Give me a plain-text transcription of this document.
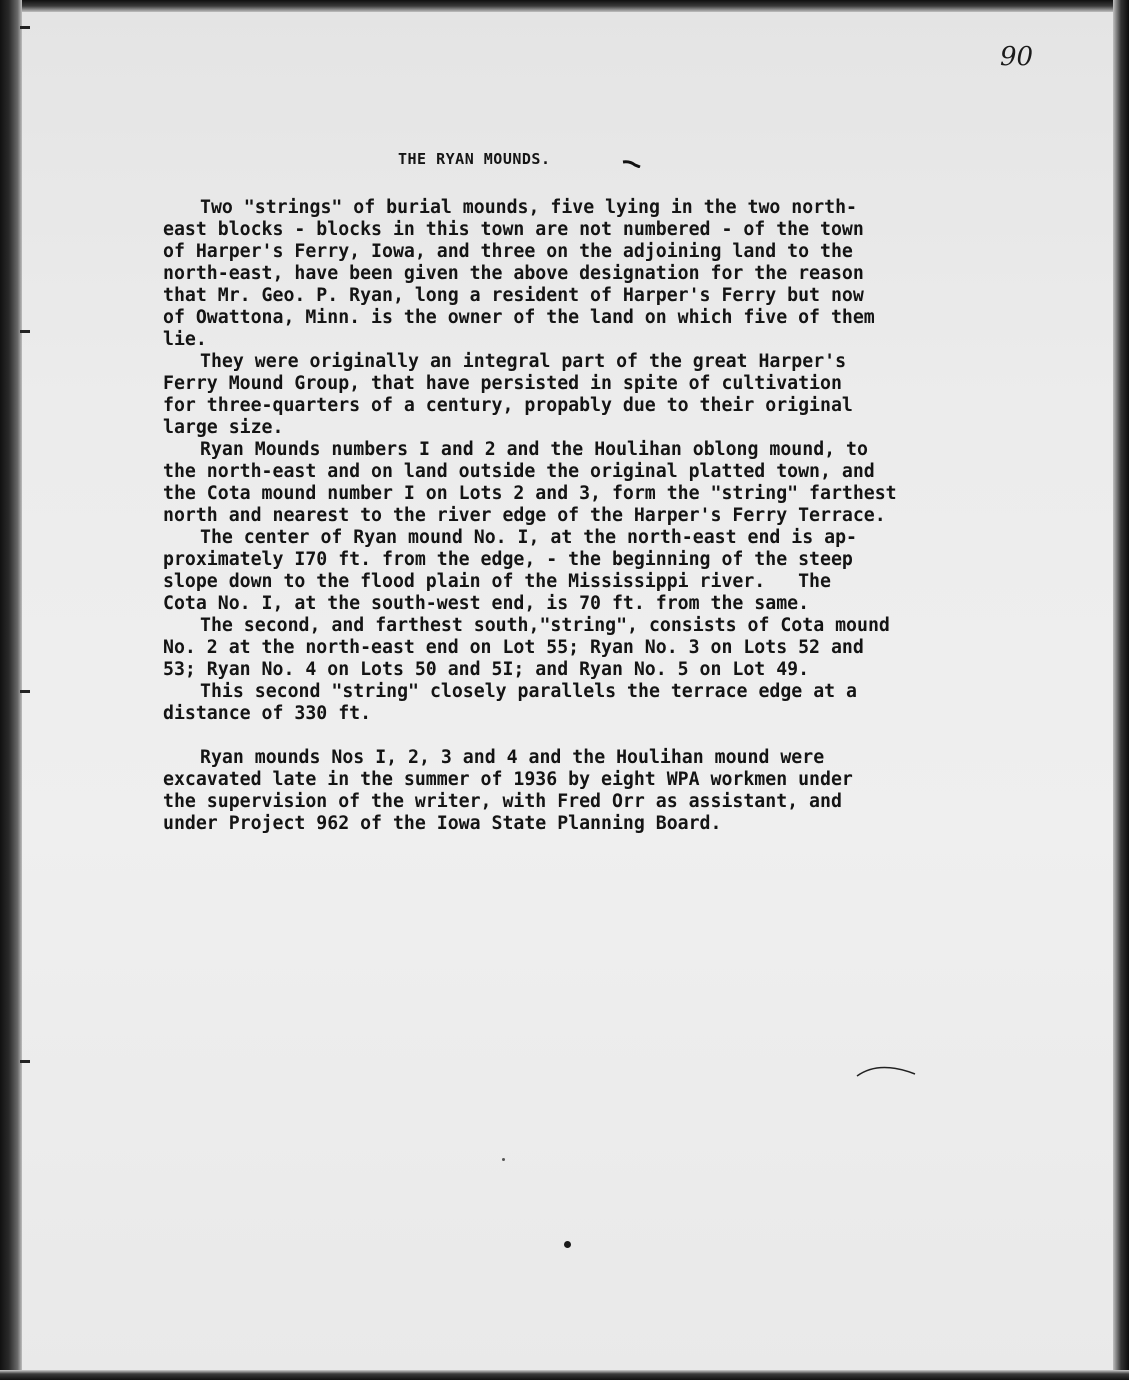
90
THE RYAN MOUNDS.
Two "strings" of burial mounds, five lying in the two north-
east blocks - blocks in this town are not numbered - of the town
of Harper's Ferry, Iowa, and three on the adjoining land to the
north-east, have been given the above designation for the reason
that Mr. Geo. P. Ryan, long a resident of Harper's Ferry but now
of Owattona, Minn. is the owner of the land on which five of them
lie.
They were originally an integral part of the great Harper's
Ferry Mound Group, that have persisted in spite of cultivation
for three-quarters of a century, propably due to their original
large size.
Ryan Mounds numbers I and 2 and the Houlihan oblong mound, to
the north-east and on land outside the original platted town, and
the Cota mound number I on Lots 2 and 3, form the "string" farthest
north and nearest to the river edge of the Harper's Ferry Terrace.
The center of Ryan mound No. I, at the north-east end is ap-
proximately I70 ft. from the edge, - the beginning of the steep
slope down to the flood plain of the Mississippi river.   The
Cota No. I, at the south-west end, is 70 ft. from the same.
The second, and farthest south,"string", consists of Cota mound
No. 2 at the north-east end on Lot 55; Ryan No. 3 on Lots 52 and
53; Ryan No. 4 on Lots 50 and 5I; and Ryan No. 5 on Lot 49.
This second "string" closely parallels the terrace edge at a
distance of 330 ft.
Ryan mounds Nos I, 2, 3 and 4 and the Houlihan mound were
excavated late in the summer of 1936 by eight WPA workmen under
the supervision of the writer, with Fred Orr as assistant, and
under Project 962 of the Iowa State Planning Board.
